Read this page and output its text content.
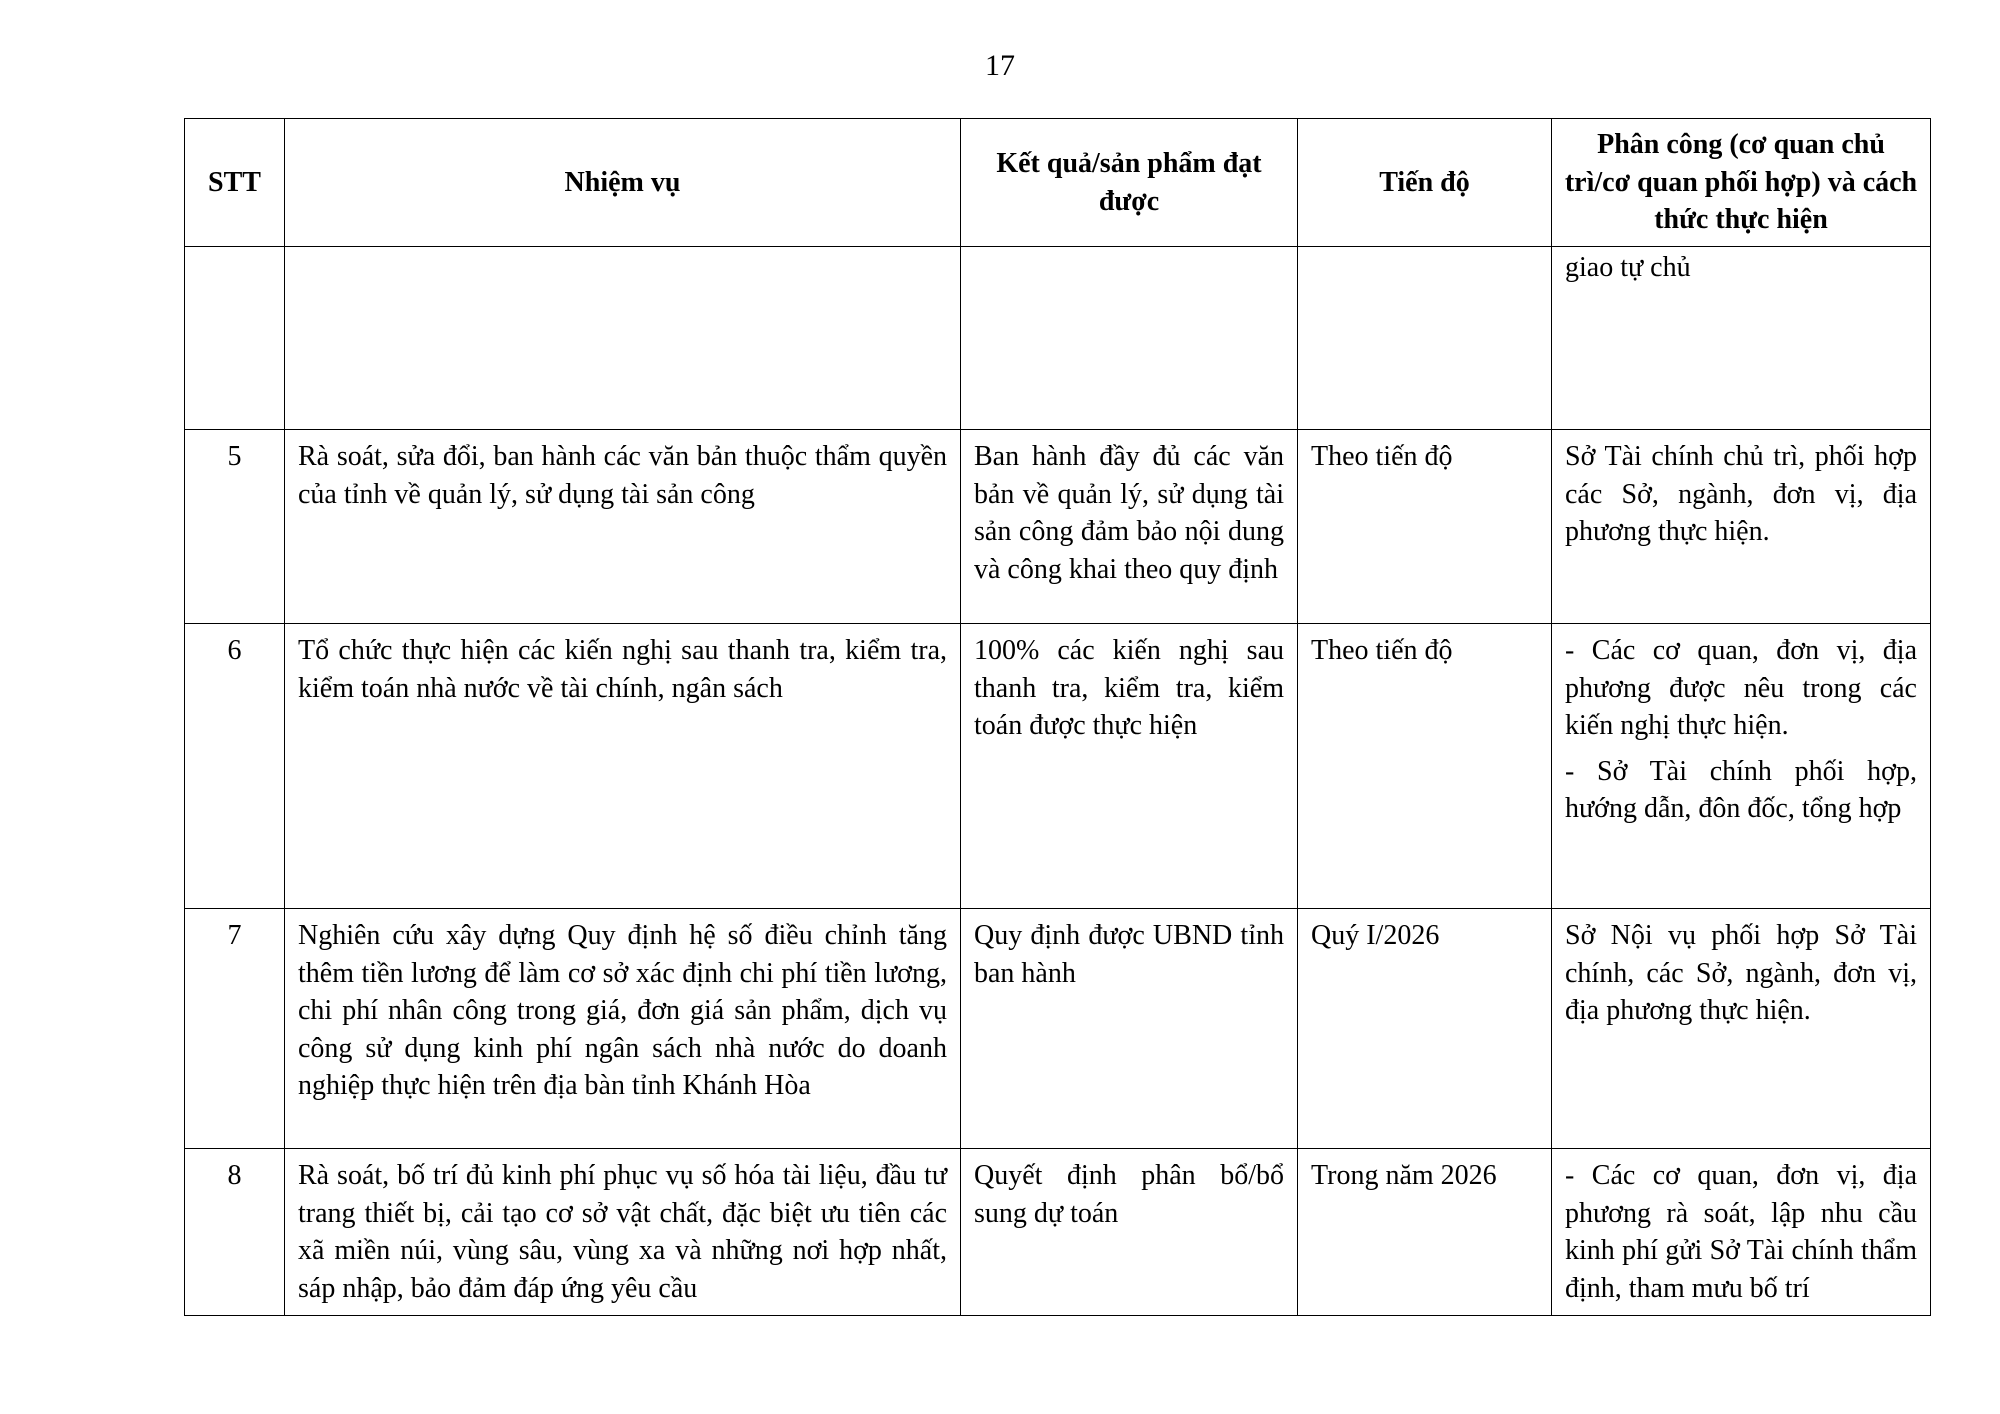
17
STT	Nhiệm vụ	Kết quả/sản phẩm đạt được	Tiến độ	Phân công (cơ quan chủ trì/cơ quan phối hợp) và cách thức thực hiện

				giao tự chủ

5	Rà soát, sửa đổi, ban hành các văn bản thuộc thẩm quyền của tỉnh về quản lý, sử dụng tài sản công	Ban hành đầy đủ các văn bản về quản lý, sử dụng tài sản công đảm bảo nội dung và công khai theo quy định	Theo tiến độ	Sở Tài chính chủ trì, phối hợp các Sở, ngành, đơn vị, địa phương thực hiện.

6	Tổ chức thực hiện các kiến nghị sau thanh tra, kiểm tra, kiểm toán nhà nước về tài chính, ngân sách	100% các kiến nghị sau thanh tra, kiểm tra, kiểm toán được thực hiện	Theo tiến độ	- Các cơ quan, đơn vị, địa phương được nêu trong các kiến nghị thực hiện.

- Sở Tài chính phối hợp, hướng dẫn, đôn đốc, tổng hợp

7	Nghiên cứu xây dựng Quy định hệ số điều chỉnh tăng thêm tiền lương để làm cơ sở xác định chi phí tiền lương, chi phí nhân công trong giá, đơn giá sản phẩm, dịch vụ công sử dụng kinh phí ngân sách nhà nước do doanh nghiệp thực hiện trên địa bàn tỉnh Khánh Hòa	Quy định được UBND tỉnh ban hành	Quý I/2026	Sở Nội vụ phối hợp Sở Tài chính, các Sở, ngành, đơn vị, địa phương thực hiện.

8	Rà soát, bố trí đủ kinh phí phục vụ số hóa tài liệu, đầu tư trang thiết bị, cải tạo cơ sở vật chất, đặc biệt ưu tiên các xã miền núi, vùng sâu, vùng xa và những nơi hợp nhất, sáp nhập, bảo đảm đáp ứng yêu cầu	Quyết định phân bổ/bổ sung dự toán	Trong năm 2026	- Các cơ quan, đơn vị, địa phương rà soát, lập nhu cầu kinh phí gửi Sở Tài chính thẩm định, tham mưu bố trí
